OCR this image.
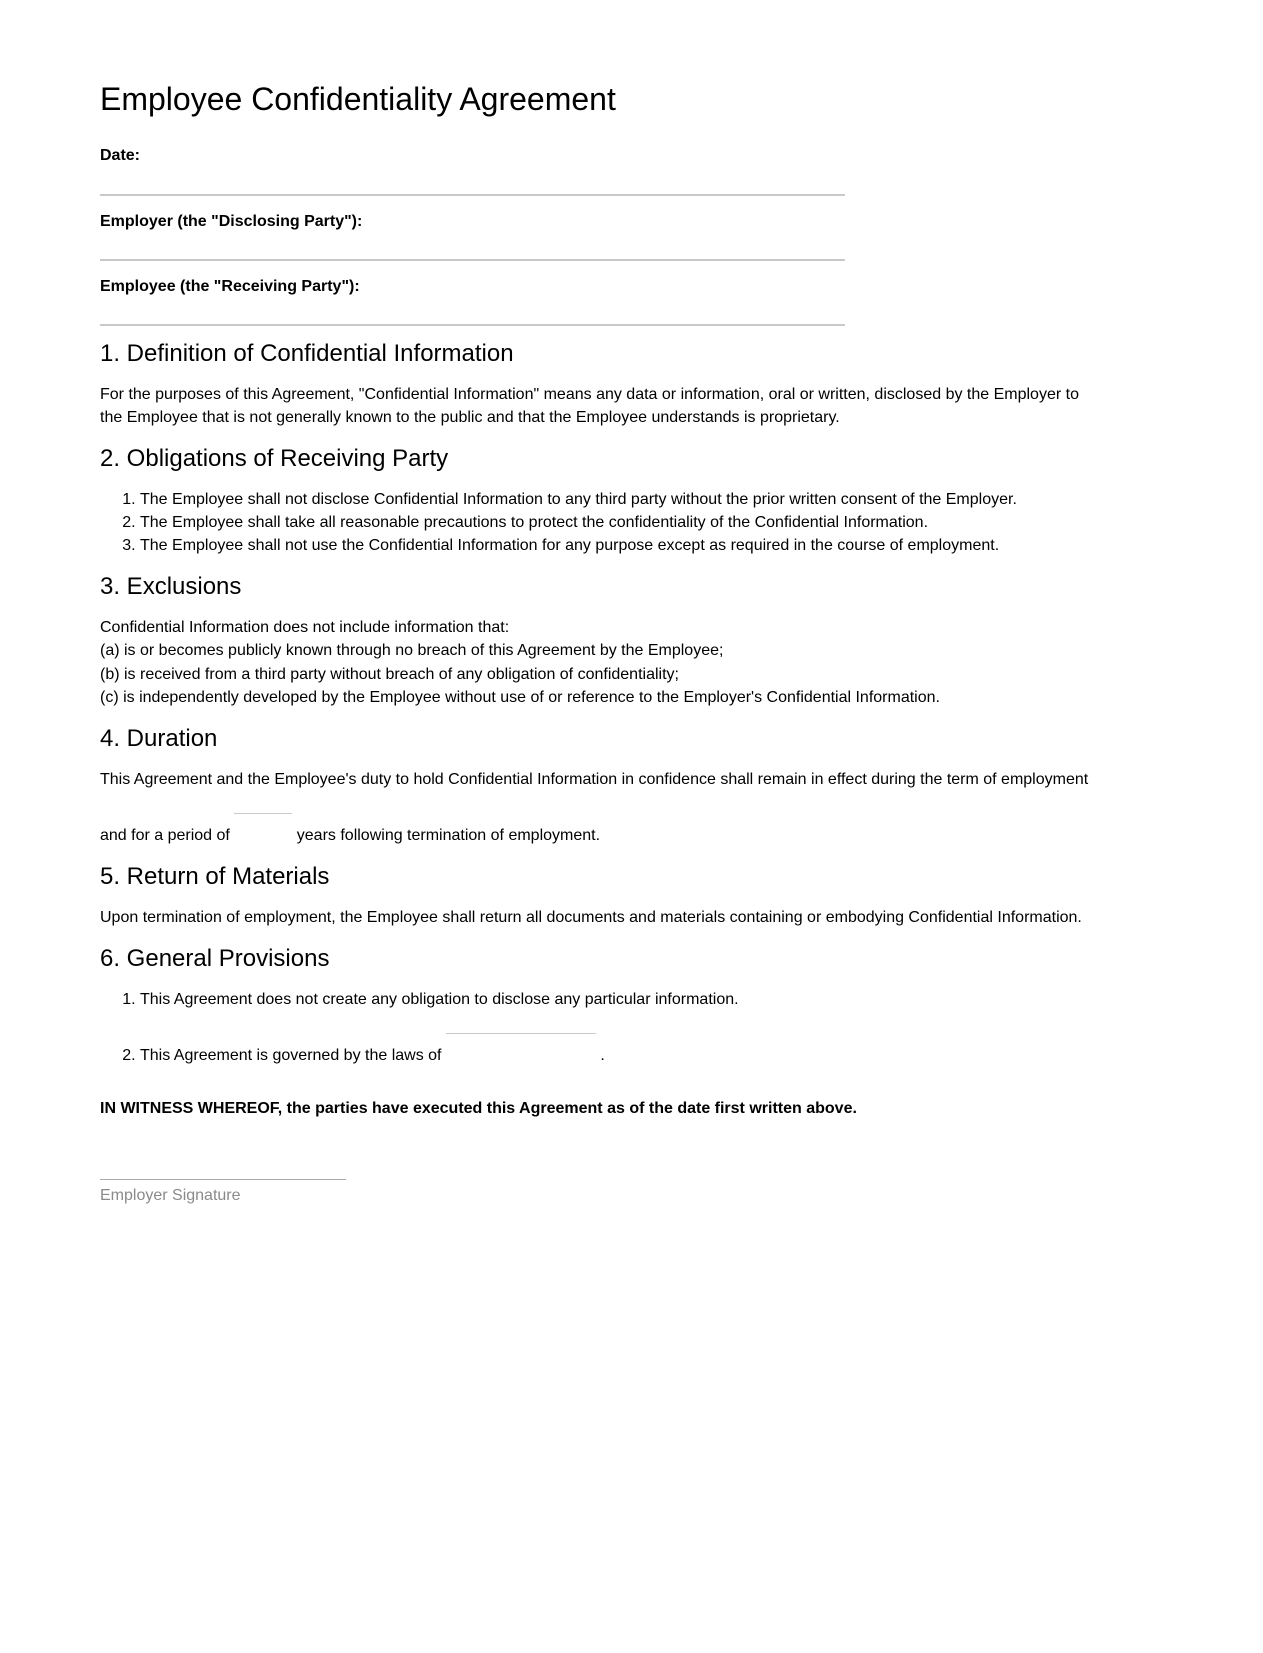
Employee Confidentiality Agreement
Date:
Employer (the "Disclosing Party"):
Employee (the "Receiving Party"):
1. Definition of Confidential Information

For the purposes of this Agreement, "Confidential Information" means any data or information, oral or written, disclosed by the Employer to the Employee that is not generally known to the public and that the Employee understands is proprietary.

2. Obligations of Receiving Party
1. The Employee shall not disclose Confidential Information to any third party without the prior written consent of the Employer.
2. The Employee shall take all reasonable precautions to protect the confidentiality of the Confidential Information.
3. The Employee shall not use the Confidential Information for any purpose except as required in the course of employment.
3. Exclusions

Confidential Information does not include information that:
(a) is or becomes publicly known through no breach of this Agreement by the Employee;
(b) is received from a third party without breach of any obligation of confidentiality;
(c) is independently developed by the Employee without use of or reference to the Employer's Confidential Information.

4. Duration

This Agreement and the Employee's duty to hold Confidential Information in confidence shall remain in effect during the term of employment and for a period of	years following termination of employment.

5. Return of Materials

Upon termination of employment, the Employee shall return all documents and materials containing or embodying Confidential Information.

6. General Provisions
1. This Agreement does not create any obligation to disclose any particular information.
2. This Agreement is governed by the laws of	.

IN WITNESS WHEREOF, the parties have executed this Agreement as of the date first written above.

Employer Signature
